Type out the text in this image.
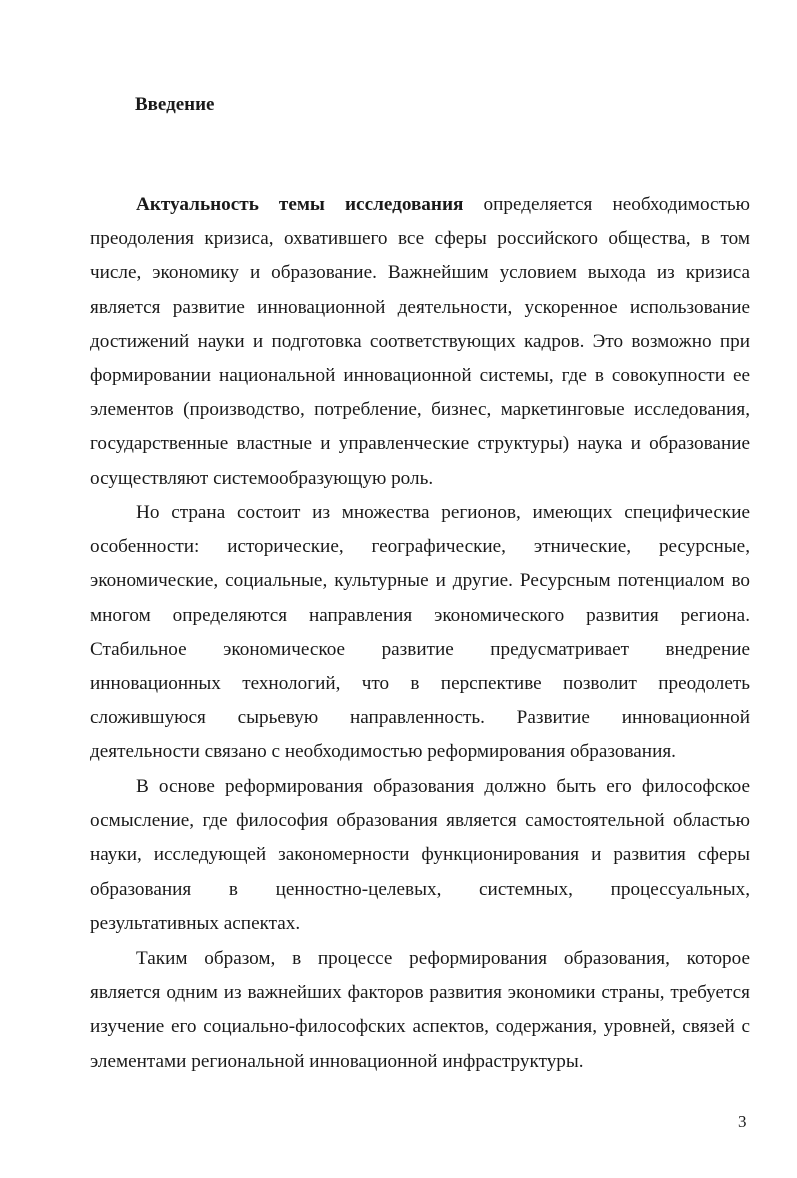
Введение

Актуальность темы исследования определяется необходимостью преодоления кризиса, охватившего все сферы российского общества, в том числе, экономику и образование. Важнейшим условием выхода из кризиса является развитие инновационной деятельности, ускоренное использование достижений науки и подготовка соответствующих кадров. Это возможно при формировании национальной инновационной системы, где в совокупности ее элементов (производство, потребление, бизнес, маркетинговые исследования, государственные властные и управленческие структуры) наука и образование осуществляют системообразующую роль.

Но страна состоит из множества регионов, имеющих специфические особенности: исторические, географические, этнические, ресурсные, экономические, социальные, культурные и другие. Ресурсным потенциалом во многом определяются направления экономического развития региона. Стабильное экономическое развитие предусматривает внедрение инновационных технологий, что в перспективе позволит преодолеть сложившуюся сырьевую направленность. Развитие инновационной деятельности связано с необходимостью реформирования образования.

В основе реформирования образования должно быть его философское осмысление, где философия образования является самостоятельной областью науки, исследующей закономерности функционирования и развития сферы образования в ценностно-целевых, системных, процессуальных, результативных аспектах.

Таким образом, в процессе реформирования образования, которое является одним из важнейших факторов развития экономики страны, требуется изучение его социально-философских аспектов, содержания, уровней, связей с элементами региональной инновационной инфраструктуры.

3
